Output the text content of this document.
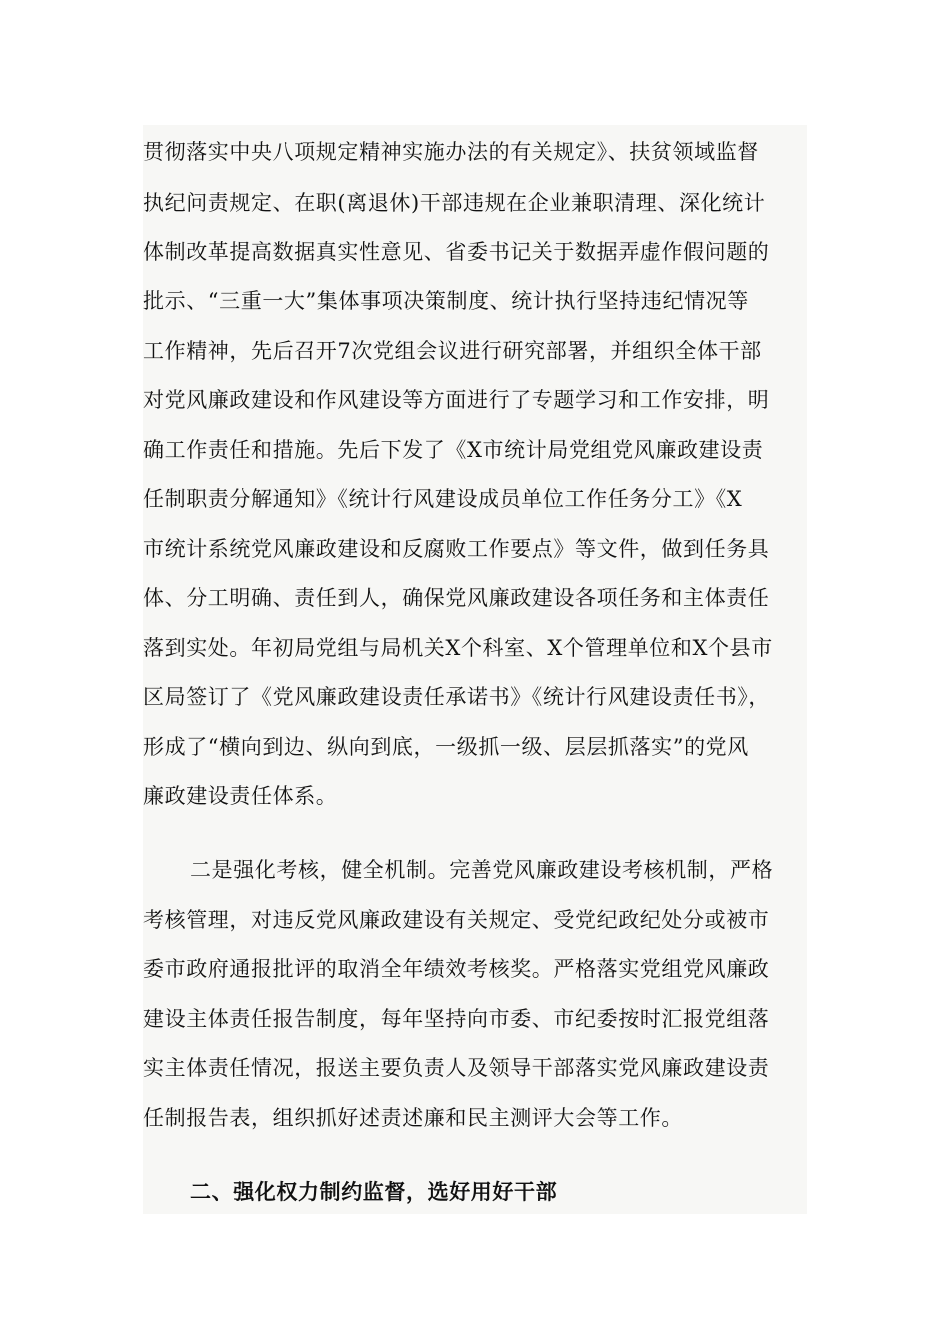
贯彻落实中央八项规定精神实施办法的有关规定》、扶贫领域监督
执纪问责规定、在职(离退休)干部违规在企业兼职清理、深化统计
体制改革提高数据真实性意见、省委书记关于数据弄虚作假问题的
批示、“三重一大”集体事项决策制度、统计执行坚持违纪情况等
工作精神，先后召开7次党组会议进行研究部署，并组织全体干部
对党风廉政建设和作风建设等方面进行了专题学习和工作安排，明
确工作责任和措施。先后下发了《X市统计局党组党风廉政建设责
任制职责分解通知》《统计行风建设成员单位工作任务分工》《X
市统计系统党风廉政建设和反腐败工作要点》等文件，做到任务具
体、分工明确、责任到人，确保党风廉政建设各项任务和主体责任
落到实处。年初局党组与局机关X个科室、X个管理单位和X个县市
区局签订了《党风廉政建设责任承诺书》《统计行风建设责任书》，
形成了“横向到边、纵向到底，一级抓一级、层层抓落实”的党风
廉政建设责任体系。
二是强化考核，健全机制。完善党风廉政建设考核机制，严格
考核管理，对违反党风廉政建设有关规定、受党纪政纪处分或被市
委市政府通报批评的取消全年绩效考核奖。严格落实党组党风廉政
建设主体责任报告制度，每年坚持向市委、市纪委按时汇报党组落
实主体责任情况，报送主要负责人及领导干部落实党风廉政建设责
任制报告表，组织抓好述责述廉和民主测评大会等工作。
二、强化权力制约监督，选好用好干部
